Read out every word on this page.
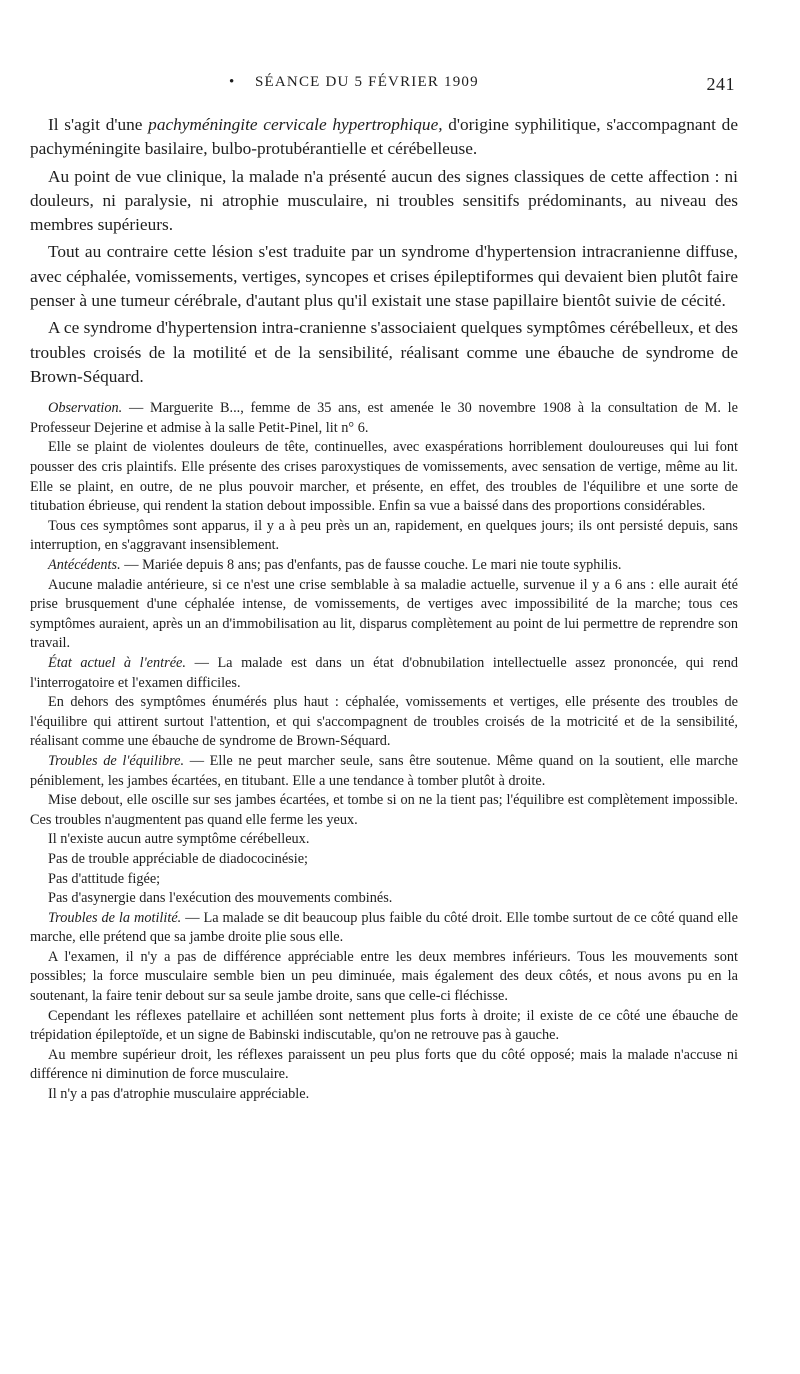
• SÉANCE DU 5 FÉVRIER 1909	241

Il s'agit d'une pachyméningite cervicale hypertrophique, d'origine syphilitique, s'accompagnant de pachyméningite basilaire, bulbo-protubérantielle et cérébelleuse.

Au point de vue clinique, la malade n'a présenté aucun des signes classiques de cette affection : ni douleurs, ni paralysie, ni atrophie musculaire, ni troubles sensitifs prédominants, au niveau des membres supérieurs.

Tout au contraire cette lésion s'est traduite par un syndrome d'hypertension intracranienne diffuse, avec céphalée, vomissements, vertiges, syncopes et crises épileptiformes qui devaient bien plutôt faire penser à une tumeur cérébrale, d'autant plus qu'il existait une stase papillaire bientôt suivie de cécité.

A ce syndrome d'hypertension intra-cranienne s'associaient quelques symptômes cérébelleux, et des troubles croisés de la motilité et de la sensibilité, réalisant comme une ébauche de syndrome de Brown-Séquard.

Observation. — Marguerite B..., femme de 35 ans, est amenée le 30 novembre 1908 à la consultation de M. le Professeur Dejerine et admise à la salle Petit-Pinel, lit n° 6.

Elle se plaint de violentes douleurs de tête, continuelles, avec exaspérations horriblement douloureuses qui lui font pousser des cris plaintifs. Elle présente des crises paroxystiques de vomissements, avec sensation de vertige, même au lit. Elle se plaint, en outre, de ne plus pouvoir marcher, et présente, en effet, des troubles de l'équilibre et une sorte de titubation ébrieuse, qui rendent la station debout impossible. Enfin sa vue a baissé dans des proportions considérables.

Tous ces symptômes sont apparus, il y a à peu près un an, rapidement, en quelques jours; ils ont persisté depuis, sans interruption, en s'aggravant insensiblement.

Antécédents. — Mariée depuis 8 ans; pas d'enfants, pas de fausse couche. Le mari nie toute syphilis.

Aucune maladie antérieure, si ce n'est une crise semblable à sa maladie actuelle, survenue il y a 6 ans : elle aurait été prise brusquement d'une céphalée intense, de vomissements, de vertiges avec impossibilité de la marche; tous ces symptômes auraient, après un an d'immobilisation au lit, disparus complètement au point de lui permettre de reprendre son travail.

État actuel à l'entrée. — La malade est dans un état d'obnubilation intellectuelle assez prononcée, qui rend l'interrogatoire et l'examen difficiles.

En dehors des symptômes énumérés plus haut : céphalée, vomissements et vertiges, elle présente des troubles de l'équilibre qui attirent surtout l'attention, et qui s'accompagnent de troubles croisés de la motricité et de la sensibilité, réalisant comme une ébauche de syndrome de Brown-Séquard.

Troubles de l'équilibre. — Elle ne peut marcher seule, sans être soutenue. Même quand on la soutient, elle marche péniblement, les jambes écartées, en titubant. Elle a une tendance à tomber plutôt à droite.

Mise debout, elle oscille sur ses jambes écartées, et tombe si on ne la tient pas; l'équilibre est complètement impossible. Ces troubles n'augmentent pas quand elle ferme les yeux.

Il n'existe aucun autre symptôme cérébelleux.

Pas de trouble appréciable de diadococinésie;

Pas d'attitude figée;

Pas d'asynergie dans l'exécution des mouvements combinés.

Troubles de la motilité. — La malade se dit beaucoup plus faible du côté droit. Elle tombe surtout de ce côté quand elle marche, elle prétend que sa jambe droite plie sous elle.

A l'examen, il n'y a pas de différence appréciable entre les deux membres inférieurs. Tous les mouvements sont possibles; la force musculaire semble bien un peu diminuée, mais également des deux côtés, et nous avons pu en la soutenant, la faire tenir debout sur sa seule jambe droite, sans que celle-ci fléchisse.

Cependant les réflexes patellaire et achilléen sont nettement plus forts à droite; il existe de ce côté une ébauche de trépidation épileptoïde, et un signe de Babinski indiscutable, qu'on ne retrouve pas à gauche.

Au membre supérieur droit, les réflexes paraissent un peu plus forts que du côté opposé; mais la malade n'accuse ni différence ni diminution de force musculaire.

Il n'y a pas d'atrophie musculaire appréciable.
